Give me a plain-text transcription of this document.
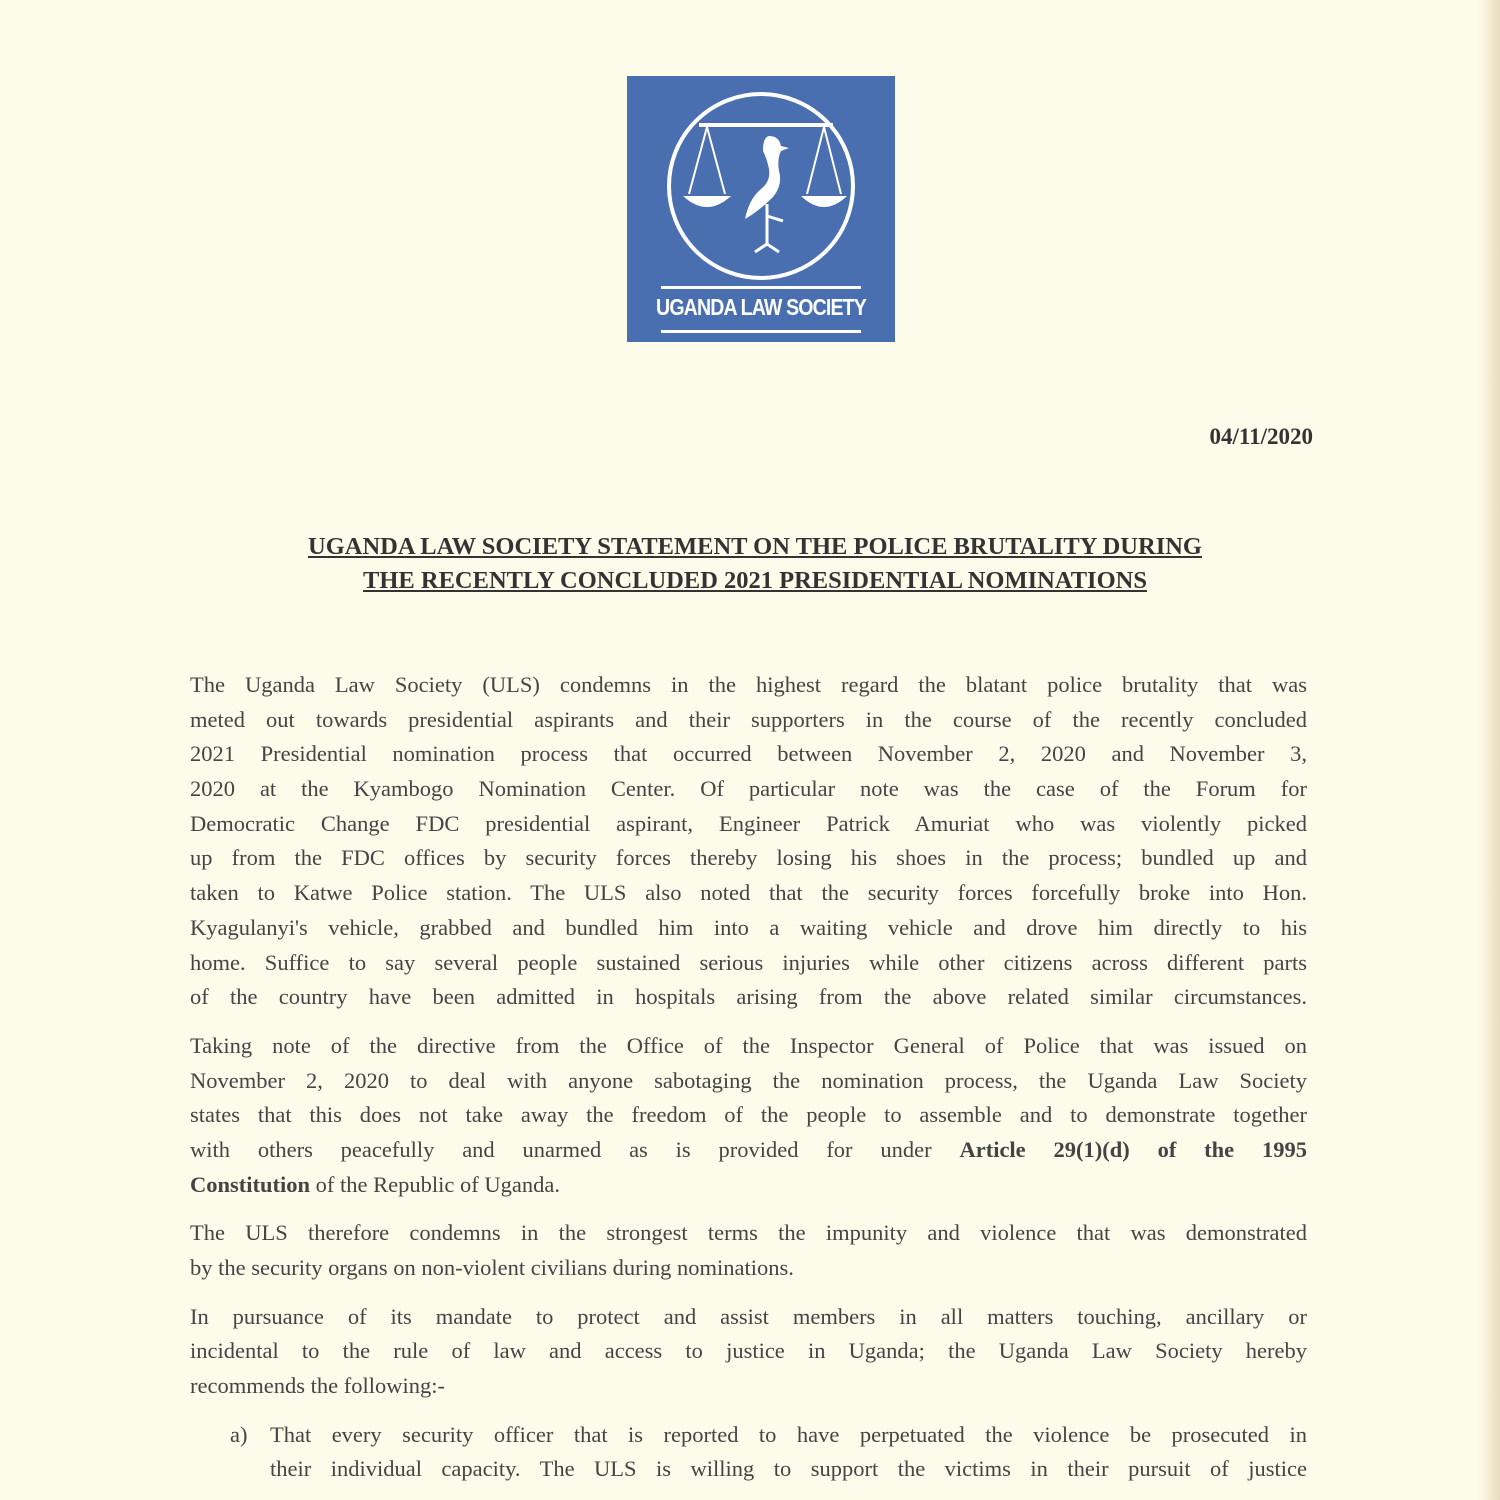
UGANDA LAW SOCIETY
04/11/2020
UGANDA LAW SOCIETY STATEMENT ON THE POLICE BRUTALITY DURING
THE RECENTLY CONCLUDED 2021 PRESIDENTIAL NOMINATIONS
The Uganda Law Society (ULS) condemns in the highest regard the blatant police brutality that was
meted out towards presidential aspirants and their supporters in the course of the recently concluded
2021 Presidential nomination process that occurred between November 2, 2020 and November 3,
2020 at the Kyambogo Nomination Center. Of particular note was the case of the Forum for
Democratic Change FDC presidential aspirant, Engineer Patrick Amuriat who was violently picked
up from the FDC offices by security forces thereby losing his shoes in the process; bundled up and
taken to Katwe Police station. The ULS also noted that the security forces forcefully broke into Hon.
Kyagulanyi's vehicle, grabbed and bundled him into a waiting vehicle and drove him directly to his
home. Suffice to say several people sustained serious injuries while other citizens across different parts
of the country have been admitted in hospitals arising from the above related similar circumstances.
Taking note of the directive from the Office of the Inspector General of Police that was issued on
November 2, 2020 to deal with anyone sabotaging the nomination process, the Uganda Law Society
states that this does not take away the freedom of the people to assemble and to demonstrate together
with others peacefully and unarmed as is provided for under Article 29(1)(d) of the 1995
Constitution of the Republic of Uganda.
The ULS therefore condemns in the strongest terms the impunity and violence that was demonstrated
by the security organs on non-violent civilians during nominations.
In pursuance of its mandate to protect and assist members in all matters touching, ancillary or
incidental to the rule of law and access to justice in Uganda; the Uganda Law Society hereby
recommends the following:-
a) That every security officer that is reported to have perpetuated the violence be prosecuted in
their individual capacity. The ULS is willing to support the victims in their pursuit of justice
